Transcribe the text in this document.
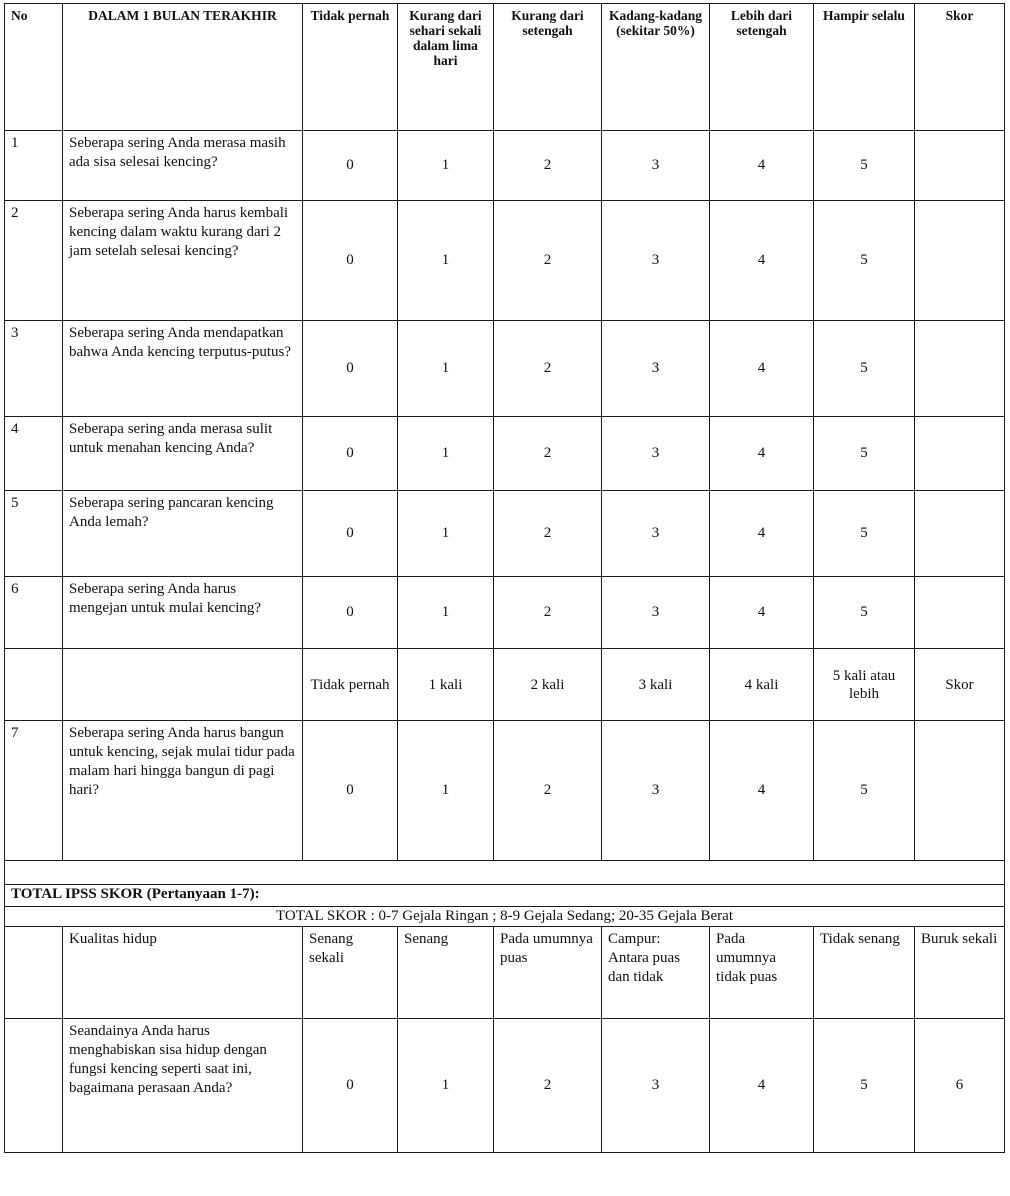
No	DALAM 1 BULAN TERAKHIR	Tidak pernah	Kurang dari sehari sekali dalam lima hari	Kurang dari setengah	Kadang-kadang (sekitar 50%)	Lebih dari setengah	Hampir selalu	Skor
1	Seberapa sering Anda merasa masih ada sisa selesai kencing?	0	1	2	3	4	5	
2	Seberapa sering Anda harus kembali kencing dalam waktu kurang dari 2 jam setelah selesai kencing?	0	1	2	3	4	5	
3	Seberapa sering Anda mendapatkan bahwa Anda kencing terputus-putus?	0	1	2	3	4	5	
4	Seberapa sering anda merasa sulit untuk menahan kencing Anda?	0	1	2	3	4	5	
5	Seberapa sering pancaran kencing Anda lemah?	0	1	2	3	4	5	
6	Seberapa sering Anda harus mengejan untuk mulai kencing?	0	1	2	3	4	5	
		Tidak pernah	1 kali	2 kali	3 kali	4 kali	5 kali atau lebih	Skor
7	Seberapa sering Anda harus bangun untuk kencing, sejak mulai tidur pada malam hari hingga bangun di pagi hari?	0	1	2	3	4	5	

TOTAL IPSS SKOR (Pertanyaan 1-7):								
TOTAL SKOR : 0-7 Gejala Ringan ; 8-9 Gejala Sedang; 20-35 Gejala Berat								
	Kualitas hidup	Senang sekali	Senang	Pada umumnya puas	Campur: Antara puas dan tidak	Pada umumnya tidak puas	Tidak senang	Buruk sekali
	Seandainya Anda harus menghabiskan sisa hidup dengan fungsi kencing seperti saat ini, bagaimana perasaan Anda?	0	1	2	3	4	5	6
